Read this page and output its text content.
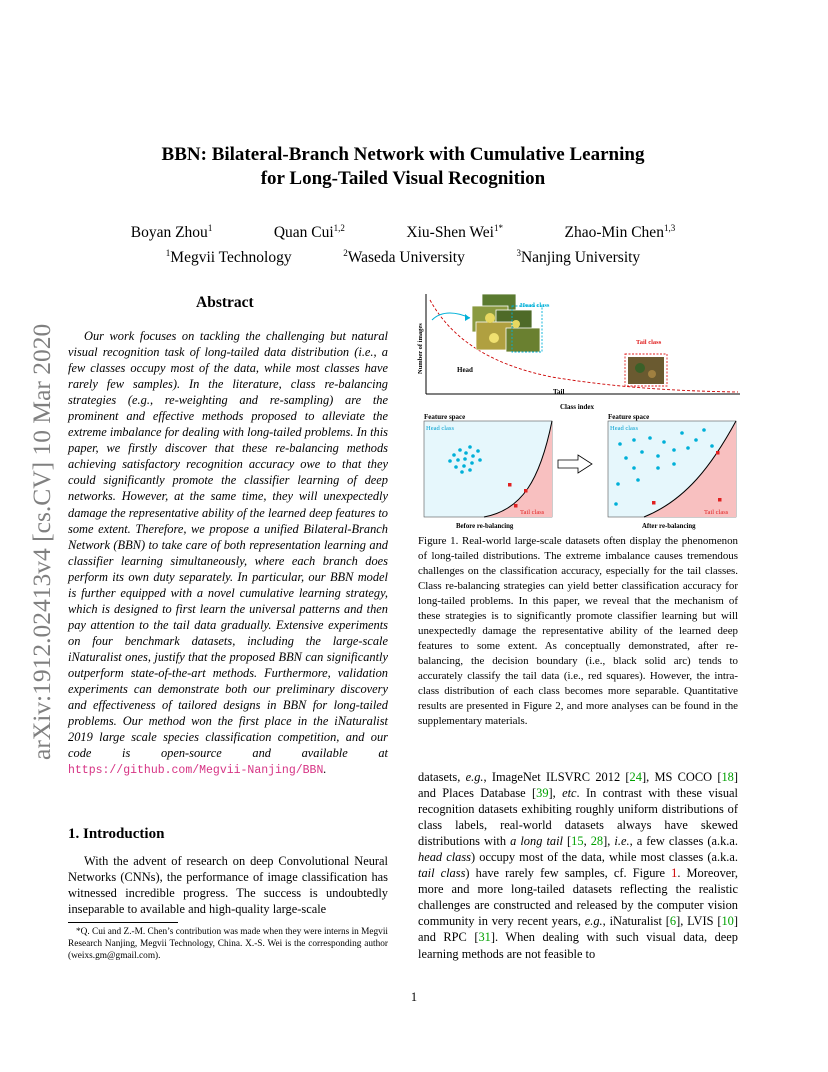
arXiv:1912.02413v4 [cs.CV] 10 Mar 2020
BBN: Bilateral-Branch Network with Cumulative Learning
for Long-Tailed Visual Recognition
Boyan Zhou$^1$	Quan Cui$^{1,2}$	Xiu-Shen Wei$^{1*}$	Zhao-Min Chen$^{1,3}$
$^1$Megvii Technology	$^2$Waseda University	$^3$Nanjing University
Abstract
Our work focuses on tackling the challenging but natural visual recognition task of long-tailed data distribution (i.e., a few classes occupy most of the data, while most classes have rarely few samples). In the literature, class re-balancing strategies (e.g., re-weighting and re-sampling) are the prominent and effective methods proposed to alleviate the extreme imbalance for dealing with long-tailed problems. In this paper, we firstly discover that these re-balancing methods achieving satisfactory recognition accuracy owe to that they could significantly promote the classifier learning of deep networks. However, at the same time, they will unexpectedly damage the representative ability of the learned deep features to some extent. Therefore, we propose a unified Bilateral-Branch Network (BBN) to take care of both representation learning and classifier learning simultaneously, where each branch does perform its own duty separately. In particular, our BBN model is further equipped with a novel cumulative learning strategy, which is designed to first learn the universal patterns and then pay attention to the tail data gradually. Extensive experiments on four benchmark datasets, including the large-scale iNaturalist ones, justify that the proposed BBN can significantly outperform state-of-the-art methods. Furthermore, validation experiments can demonstrate both our preliminary discovery and effectiveness of tailored designs in BBN for long-tailed problems. Our method won the first place in the iNaturalist 2019 large scale species classification competition, and our code is open-source and available at https://github.com/Megvii-Nanjing/BBN.
1. Introduction
With the advent of research on deep Convolutional Neural Networks (CNNs), the performance of image classification has witnessed incredible progress. The success is undoubtedly inseparable to available and high-quality large-scale
*Q. Cui and Z.-M. Chen’s contribution was made when they were interns in Megvii Research Nanjing, Megvii Technology, China. X.-S. Wei is the corresponding author (weixs.gm@gmail.com).
Number of images
Class index
Head
Tail
Head class
Tail class
Feature space
Head class
Tail class
Feature space
Head class
Tail class
Before re-balancing	After re-balancing
Figure 1. Real-world large-scale datasets often display the phenomenon of long-tailed distributions. The extreme imbalance causes tremendous challenges on the classification accuracy, especially for the tail classes. Class re-balancing strategies can yield better classification accuracy for long-tailed problems. In this paper, we reveal that the mechanism of these strategies is to significantly promote classifier learning but will unexpectedly damage the representative ability of the learned deep features to some extent. As conceptually demonstrated, after re-balancing, the decision boundary (i.e., black solid arc) tends to accurately classify the tail data (i.e., red squares). However, the intra-class distribution of each class becomes more separable. Quantitative results are presented in Figure 2, and more analyses can be found in the supplementary materials.
datasets, e.g., ImageNet ILSVRC 2012 [24], MS COCO [18] and Places Database [39], etc. In contrast with these visual recognition datasets exhibiting roughly uniform distributions of class labels, real-world datasets always have skewed distributions with a long tail [15, 28], i.e., a few classes (a.k.a. head class) occupy most of the data, while most classes (a.k.a. tail class) have rarely few samples, cf. Figure 1. Moreover, more and more long-tailed datasets reflecting the realistic challenges are constructed and released by the computer vision community in very recent years, e.g., iNaturalist [6], LVIS [10] and RPC [31]. When dealing with such visual data, deep learning methods are not feasible to
1
